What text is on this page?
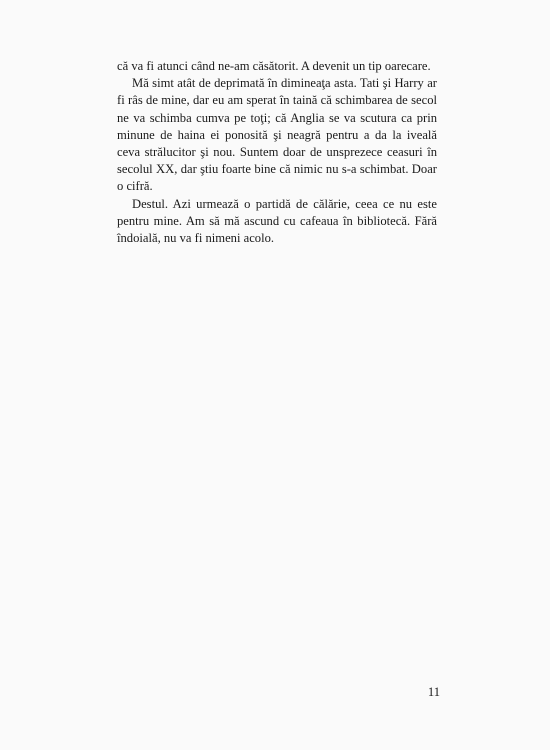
că va fi atunci când ne-am căsătorit. A devenit un tip oarecare.

Mă simt atât de deprimată în dimineaţa asta. Tati şi Harry ar fi râs de mine, dar eu am sperat în taină că schimbarea de secol ne va schimba cumva pe toţi; că Anglia se va scutura ca prin minune de haina ei ponosită şi neagră pentru a da la iveală ceva strălucitor şi nou. Suntem doar de unsprezece ceasuri în secolul XX, dar ştiu foarte bine că nimic nu s-a schimbat. Doar o cifră.

Destul. Azi urmează o partidă de călărie, ceea ce nu este pentru mine. Am să mă ascund cu cafeaua în bibliotecă. Fără îndoială, nu va fi nimeni acolo.

11
